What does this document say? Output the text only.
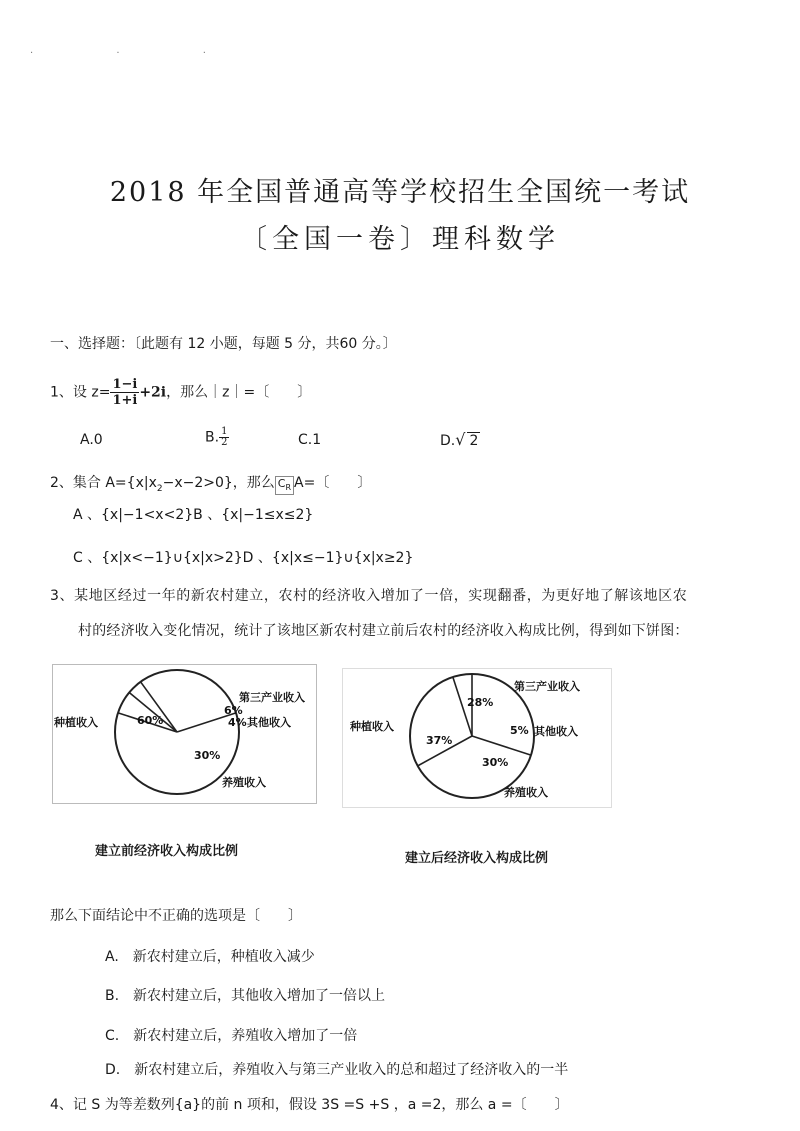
. . .
2018 年全国普通高等学校招生全国统一考试
〔全国一卷〕理科数学
一、选择题：〔此题有 12 小题，每题 5 分，共60 分。〕
1、设 $z= \frac{1-i}{1+i} +2i$，那么｜z｜=〔　　〕
A.0	B. $\frac{1}{2}$	C.1	D.√ 2
2、集合 $A=\{x|x_2-x-2>0\}$，那么 $C_R$ A=〔　　〕
A 、{x|−1<x<2}B 、{x|−1≤x≤2}
C 、{x|x<−1}∪{x|x>2}D 、{x|x≤−1}∪{x|x≥2}
3、某地区经过一年的新农村建立，农村的经济收入增加了一倍，实现翻番，为更好地了解该地区农
村的经济收入变化情况，统计了该地区新农村建立前后农村的经济收入构成比例，得到如下饼图：
60%
种植收入
6%
第三产业收入
4% 其他收入
30%
养殖收入
建立前经济收入构成比例
37%
种植收入
28%
第三产业收入
5% 其他收入
30%
养殖收入
建立后经济收入构成比例
那么下面结论中不正确的选项是〔　　〕
A.　新农村建立后，种植收入减少
B.　新农村建立后，其他收入增加了一倍以上
C.　新农村建立后，养殖收入增加了一倍
D.　新农村建立后，养殖收入与第三产业收入的总和超过了经济收入的一半
4、记 S 为等差数列{a}的前 n 项和，假设 3S =S +S ，a =2，那么 a =〔　　〕
